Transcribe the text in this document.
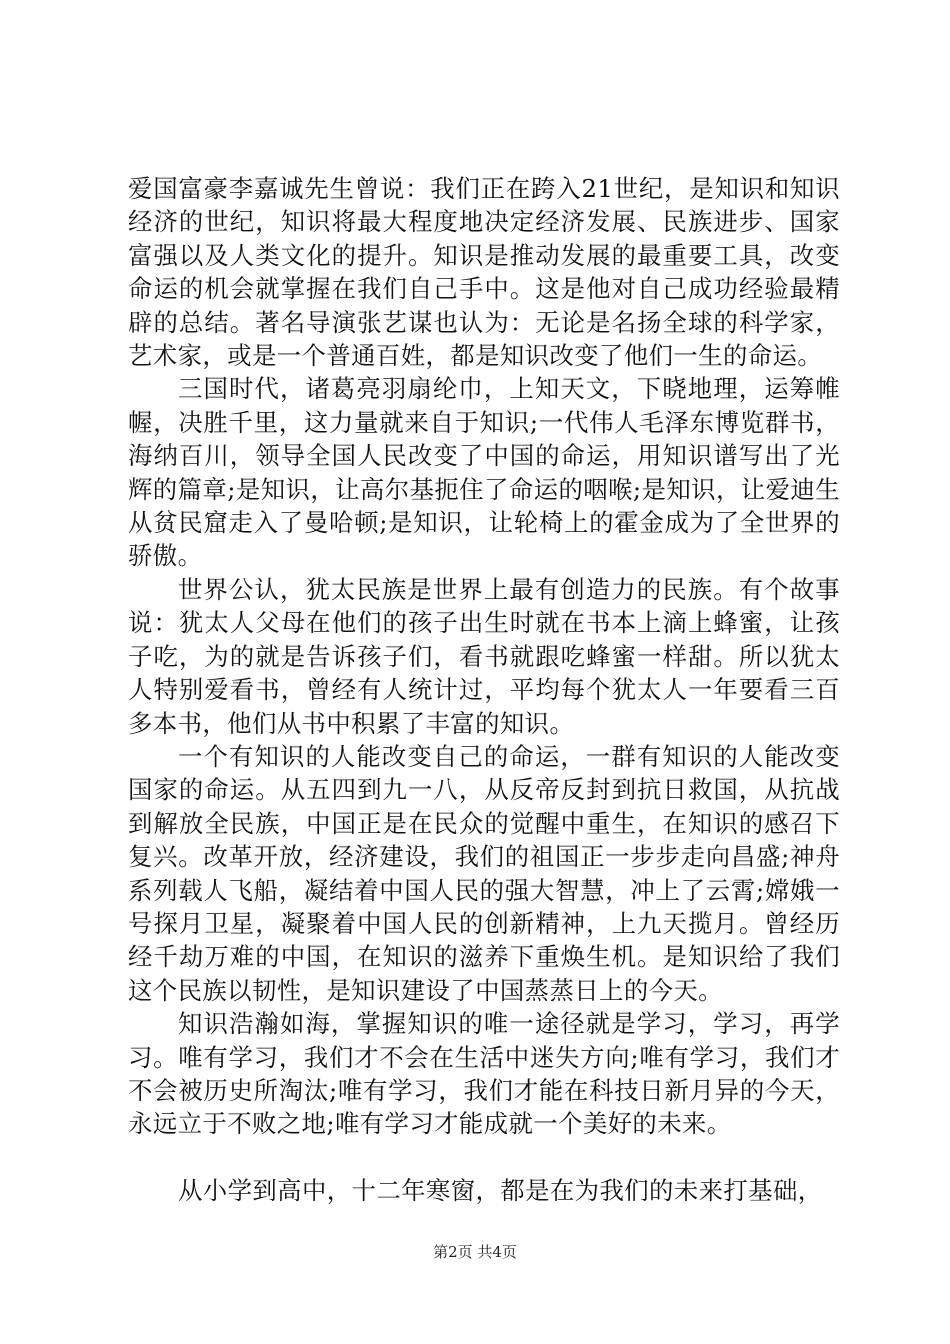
爱国富豪李嘉诚先生曾说：我们正在跨入21世纪，是知识和知识经济的世纪，知识将最大程度地决定经济发展、民族进步、国家富强以及人类文化的提升。知识是推动发展的最重要工具，改变命运的机会就掌握在我们自己手中。这是他对自己成功经验最精辟的总结。著名导演张艺谋也认为：无论是名扬全球的科学家，艺术家，或是一个普通百姓，都是知识改变了他们一生的命运。

三国时代，诸葛亮羽扇纶巾，上知天文，下晓地理，运筹帷幄，决胜千里，这力量就来自于知识;一代伟人毛泽东博览群书，海纳百川，领导全国人民改变了中国的命运，用知识谱写出了光辉的篇章;是知识，让高尔基扼住了命运的咽喉;是知识，让爱迪生从贫民窟走入了曼哈顿;是知识，让轮椅上的霍金成为了全世界的骄傲。

世界公认，犹太民族是世界上最有创造力的民族。有个故事说：犹太人父母在他们的孩子出生时就在书本上滴上蜂蜜，让孩子吃，为的就是告诉孩子们，看书就跟吃蜂蜜一样甜。所以犹太人特别爱看书，曾经有人统计过，平均每个犹太人一年要看三百多本书，他们从书中积累了丰富的知识。

一个有知识的人能改变自己的命运，一群有知识的人能改变国家的命运。从五四到九一八，从反帝反封到抗日救国，从抗战到解放全民族，中国正是在民众的觉醒中重生，在知识的感召下复兴。改革开放，经济建设，我们的祖国正一步步走向昌盛;神舟系列载人飞船，凝结着中国人民的强大智慧，冲上了云霄;嫦娥一号探月卫星，凝聚着中国人民的创新精神，上九天揽月。曾经历经千劫万难的中国，在知识的滋养下重焕生机。是知识给了我们这个民族以韧性，是知识建设了中国蒸蒸日上的今天。

知识浩瀚如海，掌握知识的唯一途径就是学习，学习，再学习。唯有学习，我们才不会在生活中迷失方向;唯有学习，我们才不会被历史所淘汰;唯有学习，我们才能在科技日新月异的今天，永远立于不败之地;唯有学习才能成就一个美好的未来。

从小学到高中，十二年寒窗，都是在为我们的未来打基础，

第2页 共4页
